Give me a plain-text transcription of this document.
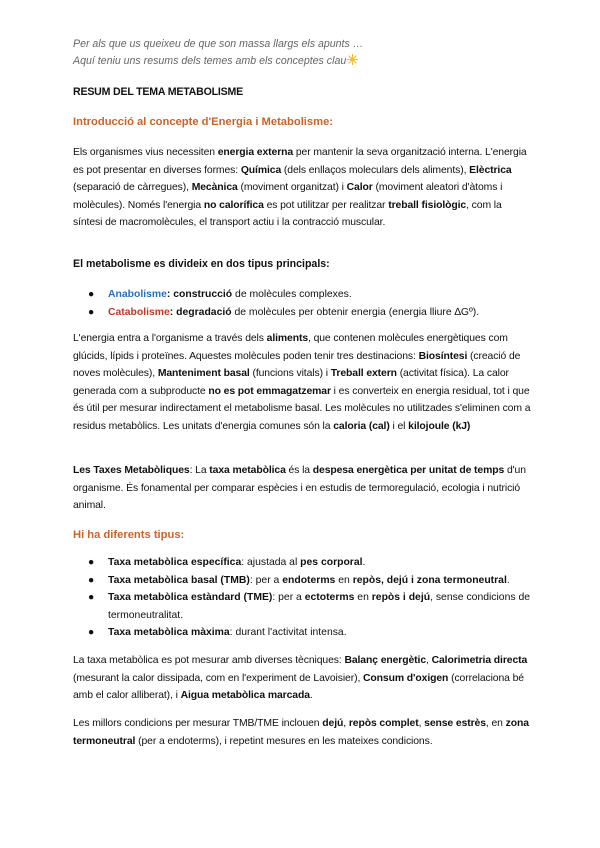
Per als que us queixeu de que son massa llargs els apunts …
Aquí teniu uns resums dels temes amb els conceptes clau
RESUM DEL TEMA METABOLISME
Introducció al concepte d'Energia i Metabolisme:
Els organismes vius necessiten energia externa per mantenir la seva organització interna. L'energia es pot presentar en diverses formes: Química (dels enllaços moleculars dels aliments), Elèctrica (separació de càrregues), Mecànica (moviment organitzat) i Calor (moviment aleatori d'àtoms i molècules). Només l'energia no calorífica es pot utilitzar per realitzar treball fisiològic, com la síntesi de macromolècules, el transport actiu i la contracció muscular.
El metabolisme es divideix en dos tipus principals:
● Anabolisme: construcció de molècules complexes.
● Catabolisme: degradació de molècules per obtenir energia (energia lliure ∆Gº).
L'energia entra a l'organisme a través dels aliments, que contenen molècules energètiques com glúcids, lípids i proteïnes. Aquestes molècules poden tenir tres destinacions: Biosíntesi (creació de noves molècules), Manteniment basal (funcions vitals) i Treball extern (activitat física). La calor generada com a subproducte no es pot emmagatzemar i es converteix en energia residual, tot i que és útil per mesurar indirectament el metabolisme basal. Les molècules no utilitzades s'eliminen com a residus metabòlics. Les unitats d'energia comunes són la caloria (cal) i el kilojoule (kJ)
Les Taxes Metabòliques: La taxa metabòlica és la despesa energètica per unitat de temps d'un organisme. És fonamental per comparar espècies i en estudis de termoregulació, ecologia i nutrició animal.
Hi ha diferents tipus:
● Taxa metabòlica específica: ajustada al pes corporal.
● Taxa metabòlica basal (TMB): per a endoterms en repòs, dejú i zona termoneutral.
● Taxa metabòlica estàndard (TME): per a ectoterms en repòs i dejú, sense condicions de termoneutralitat.
● Taxa metabòlica màxima: durant l'activitat intensa.
La taxa metabòlica es pot mesurar amb diverses tècniques: Balanç energètic, Calorimetria directa (mesurant la calor dissipada, com en l'experiment de Lavoisier), Consum d'oxigen (correlaciona bé amb el calor alliberat), i Aigua metabòlica marcada.
Les millors condicions per mesurar TMB/TME inclouen dejú, repòs complet, sense estrès, en zona termoneutral (per a endoterms), i repetint mesures en les mateixes condicions.
